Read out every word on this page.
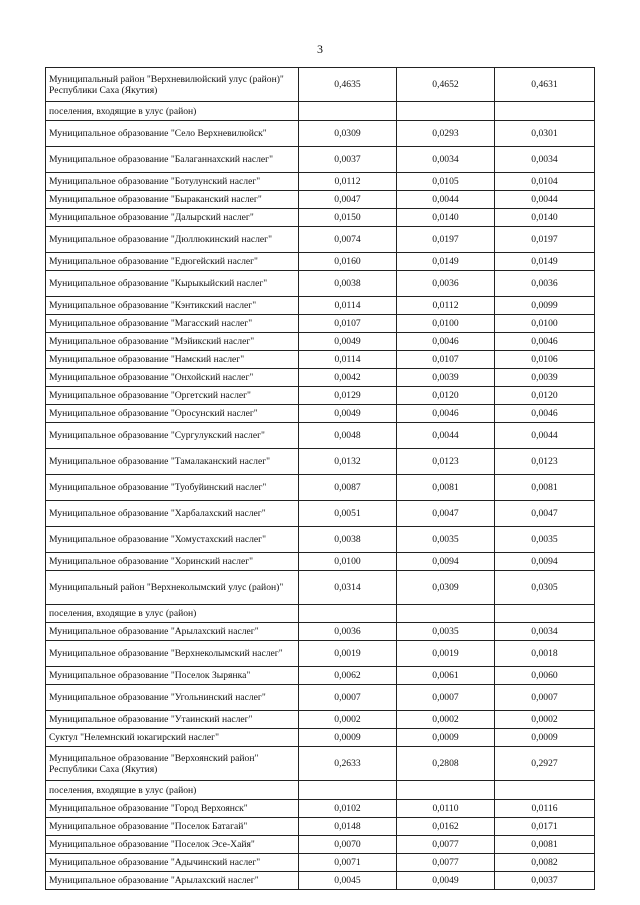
3
Муниципальный район "Верхневилюйский улус (район)" Республики Саха (Якутия)	0,4635	0,4652	0,4631
поселения, входящие в улус (район)			
Муниципальное образование "Село Верхневилюйск"	0,0309	0,0293	0,0301
Муниципальное образование "Балаганнахский наслег"	0,0037	0,0034	0,0034
Муниципальное образование "Ботулунский наслег"	0,0112	0,0105	0,0104
Муниципальное образование "Быраканский наслег"	0,0047	0,0044	0,0044
Муниципальное образование "Далырский наслег"	0,0150	0,0140	0,0140
Муниципальное образование "Дюллюкинский наслег"	0,0074	0,0197	0,0197
Муниципальное образование "Едюгейский наслег"	0,0160	0,0149	0,0149
Муниципальное образование "Кырыкыйский наслег"	0,0038	0,0036	0,0036
Муниципальное образование "Кэнтикский наслег"	0,0114	0,0112	0,0099
Муниципальное образование "Магасский наслег"	0,0107	0,0100	0,0100
Муниципальное образование "Мэйикский наслег"	0,0049	0,0046	0,0046
Муниципальное образование "Намский наслег"	0,0114	0,0107	0,0106
Муниципальное образование "Онхойский наслег"	0,0042	0,0039	0,0039
Муниципальное образование "Оргетский наслег"	0,0129	0,0120	0,0120
Муниципальное образование "Оросунский наслег"	0,0049	0,0046	0,0046
Муниципальное образование "Сургулукский наслег"	0,0048	0,0044	0,0044
Муниципальное образование "Тамалаканский наслег"	0,0132	0,0123	0,0123
Муниципальное образование "Туобуйинский наслег"	0,0087	0,0081	0,0081
Муниципальное образование "Харбалахский наслег"	0,0051	0,0047	0,0047
Муниципальное образование "Хомустахский наслег"	0,0038	0,0035	0,0035
Муниципальное образование "Хоринский наслег"	0,0100	0,0094	0,0094
Муниципальный район "Верхнеколымский улус (район)"	0,0314	0,0309	0,0305
поселения, входящие в улус (район)			
Муниципальное образование "Арылахский наслег"	0,0036	0,0035	0,0034
Муниципальное образование "Верхнеколымский наслег"	0,0019	0,0019	0,0018
Муниципальное образование "Поселок Зырянка"	0,0062	0,0061	0,0060
Муниципальное образование "Угольнинский наслег"	0,0007	0,0007	0,0007
Муниципальное образование "Утаинский наслег"	0,0002	0,0002	0,0002
Суктул "Нелемнский юкагирский наслег"	0,0009	0,0009	0,0009
Муниципальное образование "Верхоянский район" Республики Саха (Якутия)	0,2633	0,2808	0,2927
поселения, входящие в улус (район)			
Муниципальное образование "Город Верхоянск"	0,0102	0,0110	0,0116
Муниципальное образование "Поселок Батагай"	0,0148	0,0162	0,0171
Муниципальное образование "Поселок Эсе-Хайя"	0,0070	0,0077	0,0081
Муниципальное образование "Адычинский наслег"	0,0071	0,0077	0,0082
Муниципальное образование "Арылахский наслег"	0,0045	0,0049	0,0037
